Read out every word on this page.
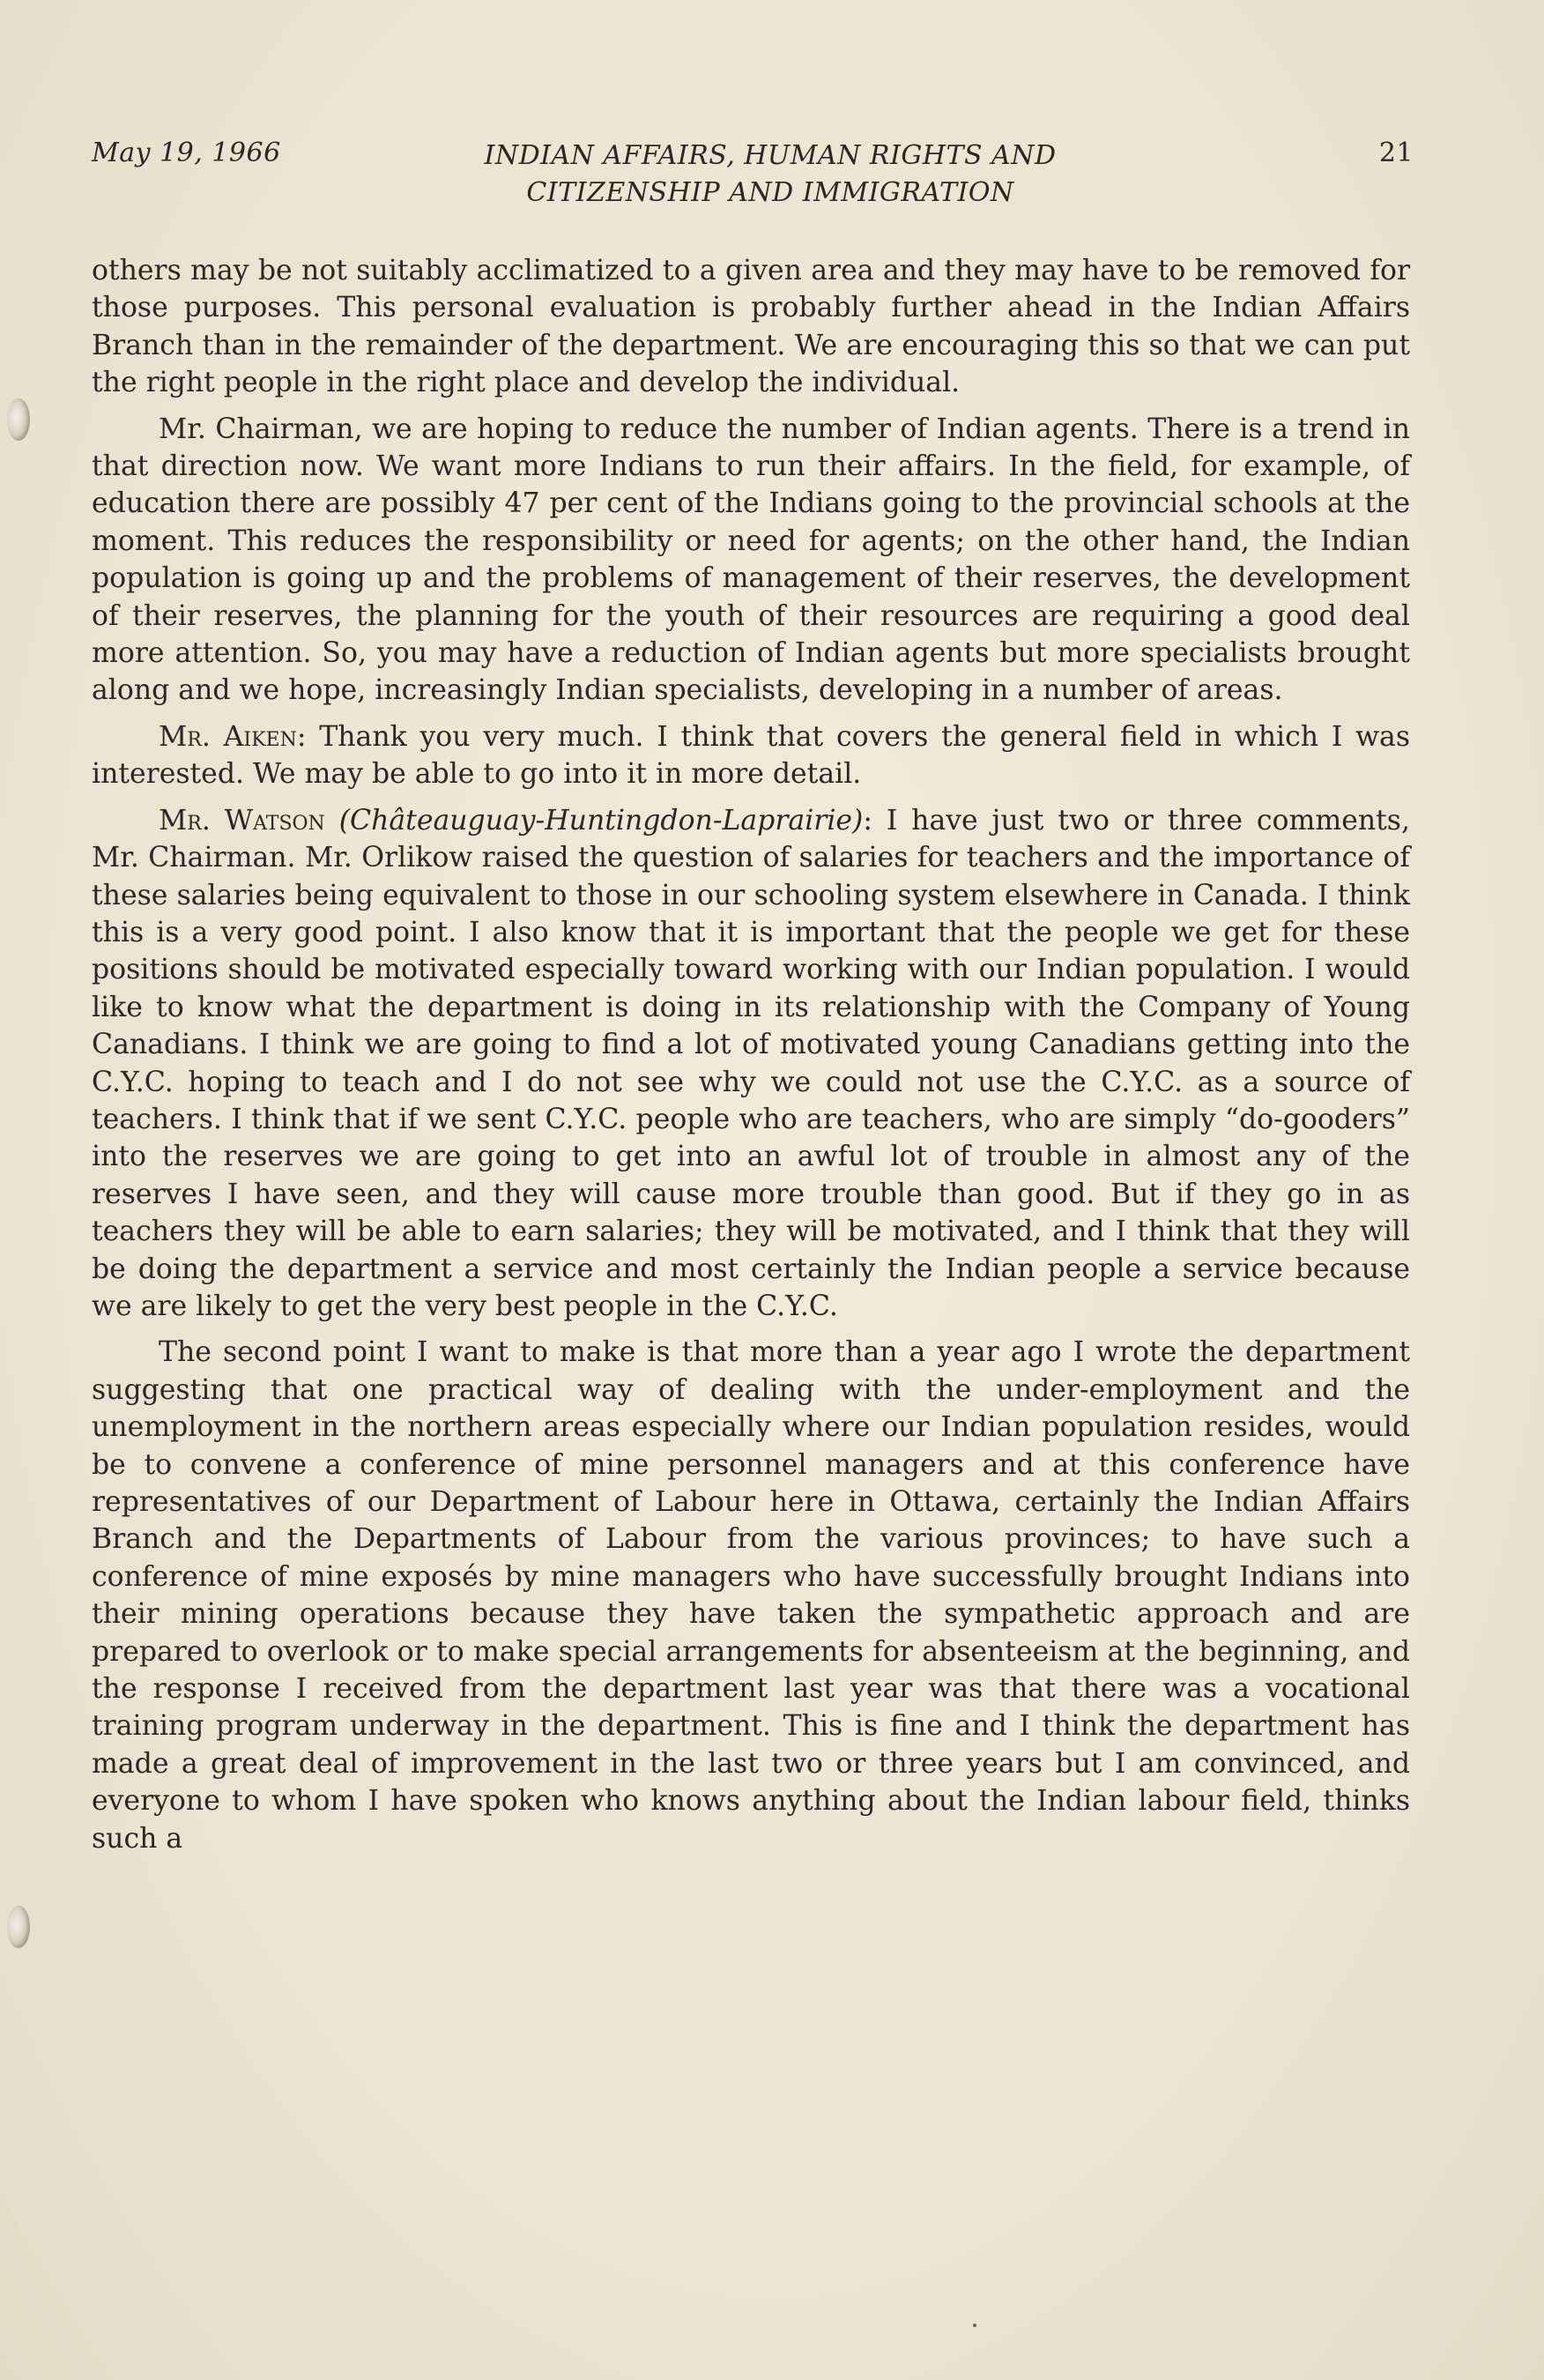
May 19, 1966	INDIAN AFFAIRS, HUMAN RIGHTS AND
CITIZENSHIP AND IMMIGRATION
21

others may be not suitably acclimatized to a given area and they may have to be removed for those purposes. This personal evaluation is probably further ahead in the Indian Affairs Branch than in the remainder of the department. We are encouraging this so that we can put the right people in the right place and develop the individual.

Mr. Chairman, we are hoping to reduce the number of Indian agents. There is a trend in that direction now. We want more Indians to run their affairs. In the field, for example, of education there are possibly 47 per cent of the Indians going to the provincial schools at the moment. This reduces the responsibility or need for agents; on the other hand, the Indian population is going up and the problems of management of their reserves, the development of their reserves, the planning for the youth of their resources are requiring a good deal more attention. So, you may have a reduction of Indian agents but more specialists brought along and we hope, increasingly Indian specialists, developing in a number of areas.

Mr. Aiken: Thank you very much. I think that covers the general field in which I was interested. We may be able to go into it in more detail.

Mr. Watson (Châteauguay-Huntingdon-Laprairie): I have just two or three comments, Mr. Chairman. Mr. Orlikow raised the question of salaries for teachers and the importance of these salaries being equivalent to those in our schooling system elsewhere in Canada. I think this is a very good point. I also know that it is important that the people we get for these positions should be motivated especially toward working with our Indian population. I would like to know what the department is doing in its relationship with the Company of Young Canadians. I think we are going to find a lot of motivated young Canadians getting into the C.Y.C. hoping to teach and I do not see why we could not use the C.Y.C. as a source of teachers. I think that if we sent C.Y.C. people who are teachers, who are simply “do-gooders” into the reserves we are going to get into an awful lot of trouble in almost any of the reserves I have seen, and they will cause more trouble than good. But if they go in as teachers they will be able to earn salaries; they will be motivated, and I think that they will be doing the department a service and most certainly the Indian people a service because we are likely to get the very best people in the C.Y.C.

The second point I want to make is that more than a year ago I wrote the department suggesting that one practical way of dealing with the under-employment and the unemployment in the northern areas especially where our Indian population resides, would be to convene a conference of mine personnel managers and at this conference have representatives of our Department of Labour here in Ottawa, certainly the Indian Affairs Branch and the Departments of Labour from the various provinces; to have such a conference of mine exposés by mine managers who have successfully brought Indians into their mining operations because they have taken the sympathetic approach and are prepared to overlook or to make special arrangements for absenteeism at the beginning, and the response I received from the department last year was that there was a vocational training program underway in the department. This is fine and I think the department has made a great deal of improvement in the last two or three years but I am convinced, and everyone to whom I have spoken who knows anything about the Indian labour field, thinks such a
